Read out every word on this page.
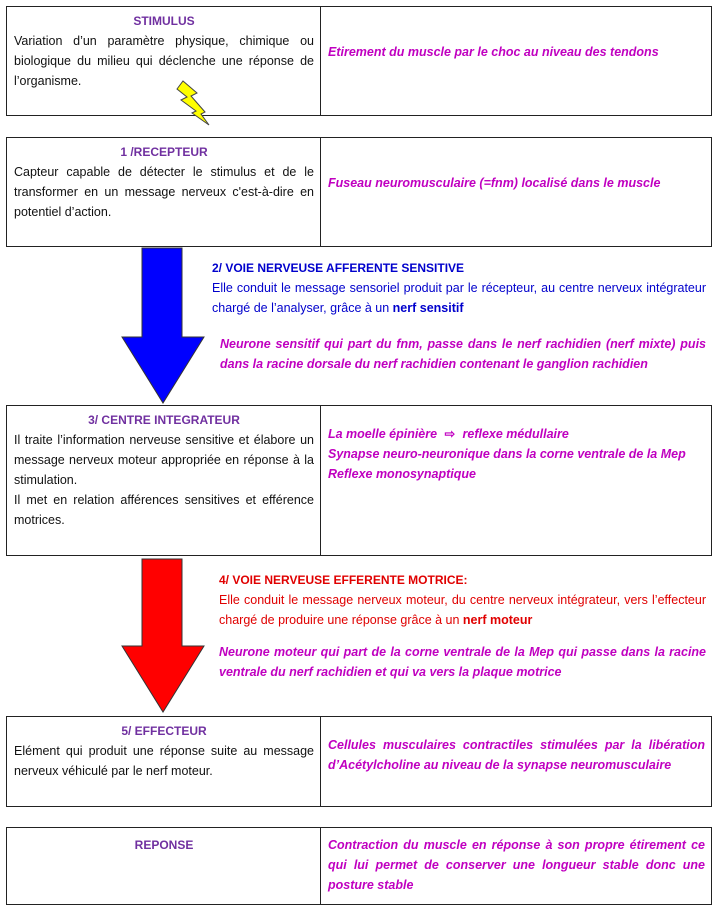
STIMULUS

Variation d’un paramètre physique, chimique ou biologique du milieu qui déclenche une réponse de l’organisme.

Etirement du muscle par le choc au niveau des tendons

1 /RECEPTEUR

Capteur capable de détecter le stimulus et de le transformer en un message nerveux c'est-à-dire en potentiel d’action.

Fuseau neuromusculaire (=fnm) localisé dans le muscle

2/ VOIE NERVEUSE AFFERENTE SENSITIVE

Elle conduit le message sensoriel produit par le récepteur, au centre nerveux intégrateur chargé de l’analyser, grâce à un nerf sensitif

Neurone sensitif qui part du fnm, passe dans le nerf rachidien (nerf mixte) puis dans la racine dorsale du nerf rachidien contenant le ganglion rachidien

3/ CENTRE INTEGRATEUR

Il traite l’information nerveuse sensitive et élabore un message nerveux moteur appropriée en réponse à la stimulation.

Il met en relation afférences sensitives et efférence motrices.

La moelle épinière ⇨ reflexe médullaire

Synapse neuro-neuronique dans la corne ventrale de la Mep

Reflexe monosynaptique

4/ VOIE NERVEUSE EFFERENTE MOTRICE:

Elle conduit le message nerveux moteur, du centre nerveux intégrateur, vers l’effecteur chargé de produire une réponse grâce à un nerf moteur

Neurone moteur qui part de la corne ventrale de la Mep qui passe dans la racine ventrale du nerf rachidien et qui va vers la plaque motrice

5/ EFFECTEUR

Elément qui produit une réponse suite au message nerveux véhiculé par le nerf moteur.

Cellules musculaires contractiles stimulées par la libération d’Acétylcholine au niveau de la synapse neuromusculaire

REPONSE	Contraction du muscle en réponse à son propre étirement ce qui lui permet de conserver une longueur stable donc une posture stable
